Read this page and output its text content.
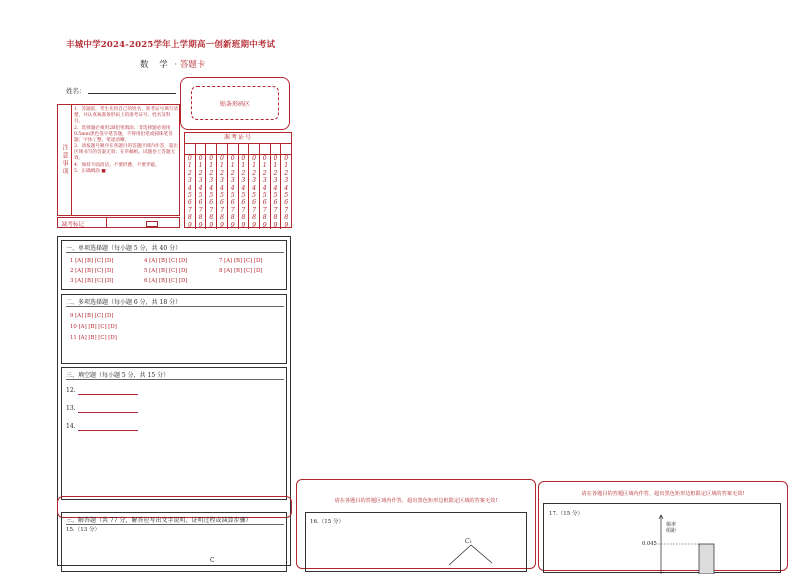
丰城中学2024-2025学年上学期高一创新班期中考试
数 学 · 答题卡
姓名：
贴条形码区
注意事项

1．答题前，考生先将自己的姓名、准考证号填写清楚，并认真核准条形码上的准考证号、姓名及科目。

2．选择题必须用2B铅笔填涂；非选择题必须用0.5mm黑色签字笔答题，不得用铅笔或圆珠笔答题；字体工整、笔迹清晰。

3．请按题号顺序在各题目的答题区域内作答，超出区域书写的答案无效；在草稿纸、试题卷上答题无效。

4．保持卡面清洁，不要折叠、不要弄破。

5．正确填涂 ■

缺考标记
准考证号
0
1
2
3
4
5
6
7
8
9
0
1
2
3
4
5
6
7
8
9
0
1
2
3
4
5
6
7
8
9
0
1
2
3
4
5
6
7
8
9
0
1
2
3
4
5
6
7
8
9
0
1
2
3
4
5
6
7
8
9
0
1
2
3
4
5
6
7
8
9
0
1
2
3
4
5
6
7
8
9
0
1
2
3
4
5
6
7
8
9
0
1
2
3
4
5
6
7
8
9
一、单项选择题（每小题 5 分，共 40 分）
1 [A] [B] [C] [D]
2 [A] [B] [C] [D]
3 [A] [B] [C] [D]
4 [A] [B] [C] [D]
5 [A] [B] [C] [D]
6 [A] [B] [C] [D]
7 [A] [B] [C] [D]
8 [A] [B] [C] [D]
二、多项选择题（每小题 6 分，共 18 分）
9 [A] [B] [C] [D]
10 [A] [B] [C] [D]
11 [A] [B] [C] [D]
三、填空题（每小题 5 分，共 15 分）
12.
13.
14.
三、解答题（共 77 分，解答应写出文字说明、证明过程或演算步骤）
15.（13 分）
C
请在各题目的答题区域内作答，超出黑色矩形边框限定区域的答案无效!
16.（15 分）
C₁
请在各题目的答题区域内作答，超出黑色矩形边框限定区域的答案无效!
17.（15 分）
频率
组距
0.045
